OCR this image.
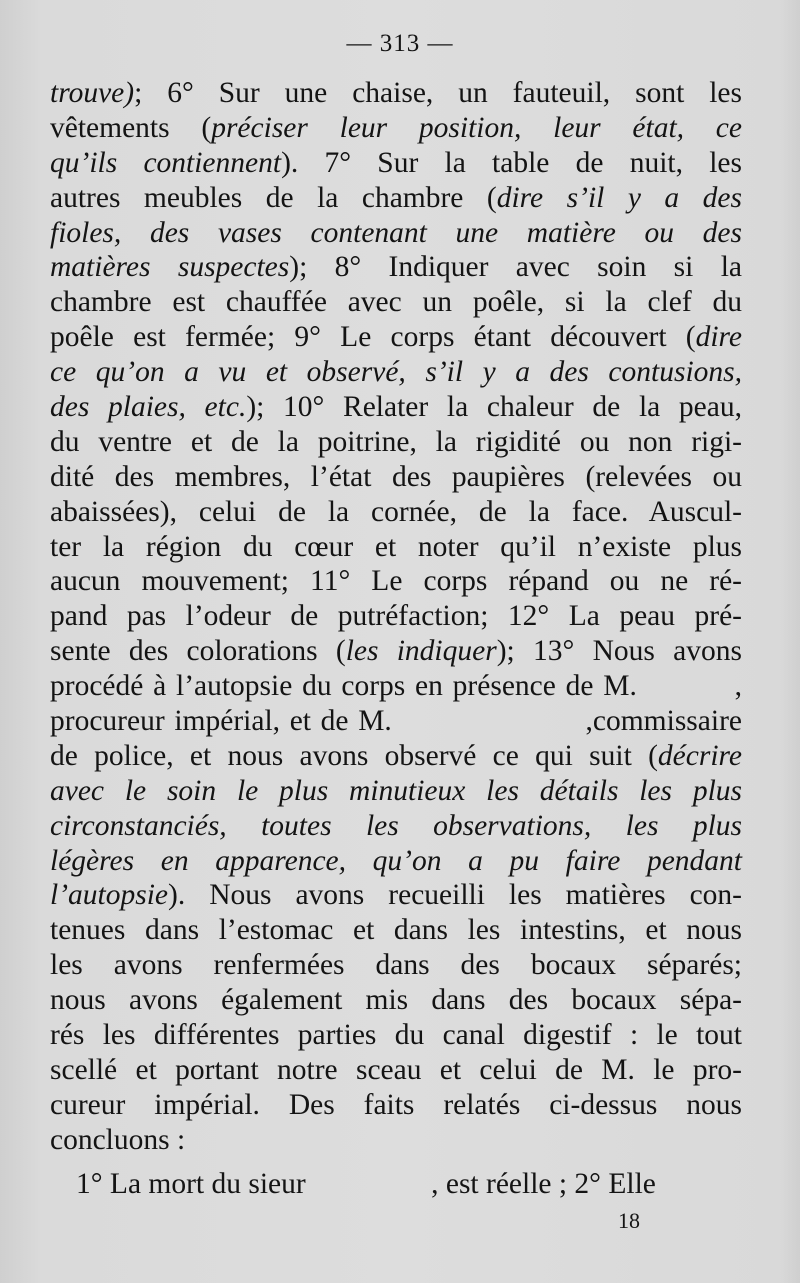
— 313 —
trouve); 6° Sur une chaise, un fauteuil, sont les
vêtements (préciser leur position, leur état, ce
qu’ils contiennent). 7° Sur la table de nuit, les
autres meubles de la chambre (dire s’il y a des
fioles, des vases contenant une matière ou des
matières suspectes); 8° Indiquer avec soin si la
chambre est chauffée avec un poêle, si la clef du
poêle est fermée; 9° Le corps étant découvert (dire
ce qu’on a vu et observé, s’il y a des contusions,
des plaies, etc.); 10° Relater la chaleur de la peau,
du ventre et de la poitrine, la rigidité ou non rigi-
dité des membres, l’état des paupières (relevées ou
abaissées), celui de la cornée, de la face. Auscul-
ter la région du cœur et noter qu’il n’existe plus
aucun mouvement; 11° Le corps répand ou ne ré-
pand pas l’odeur de putréfaction; 12° La peau pré-
sente des colorations (les indiquer); 13° Nous avons
procédé à l’autopsie du corps en présence de M.          ,
procureur impérial, et de M.                    ,commissaire
de police, et nous avons observé ce qui suit (décrire
avec le soin le plus minutieux les détails les plus
circonstanciés, toutes les observations, les plus
légères en apparence, qu’on a pu faire pendant
l’autopsie). Nous avons recueilli les matières con-
tenues dans l’estomac et dans les intestins, et nous
les avons renfermées dans des bocaux séparés;
nous avons également mis dans des bocaux sépa-
rés les différentes parties du canal digestif : le tout
scellé et portant notre sceau et celui de M. le pro-
cureur impérial. Des faits relatés ci-dessus nous
concluons :
1° La mort du sieur                 , est réelle ; 2° Elle
18
